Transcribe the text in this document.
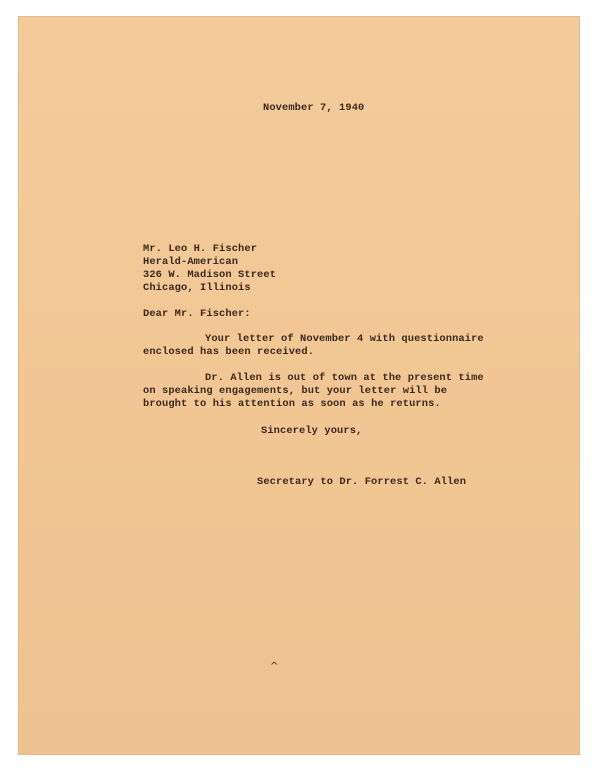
November 7, 1940

Mr. Leo H. Fischer

Herald-American

326 W. Madison Street

Chicago, Illinois

Dear Mr. Fischer:

Your letter of November 4 with questionnaire

enclosed has been received.

Dr. Allen is out of town at the present time

on speaking engagements, but your letter will be

brought to his attention as soon as he returns.

Sincerely yours,

Secretary to Dr. Forrest C. Allen

^
